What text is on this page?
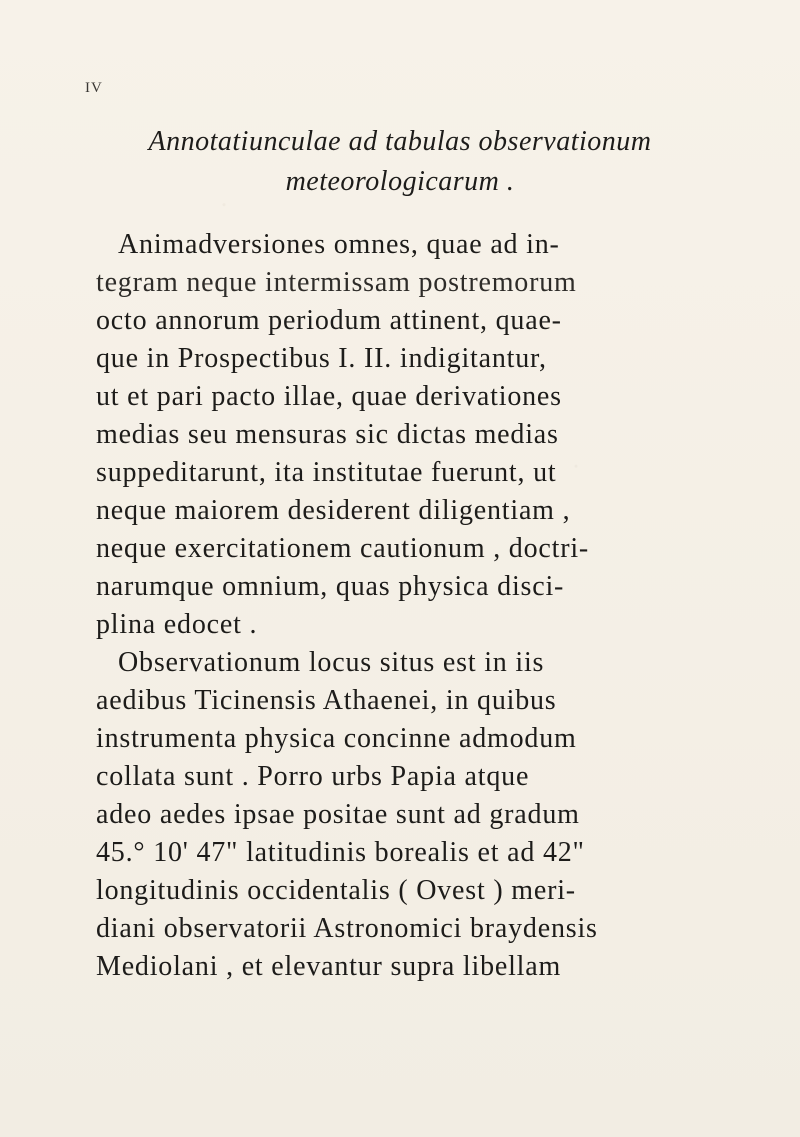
IV
Annotatiunculae ad tabulas observationum
meteorologicarum .
Animadversiones omnes, quae ad in-
tegram neque intermissam postremorum
octo annorum periodum attinent, quae-
que in Prospectibus I. II. indigitantur,
ut et pari pacto illae, quae derivationes
medias seu mensuras sic dictas medias
suppeditarunt, ita institutae fuerunt, ut
neque maiorem desiderent diligentiam ,
neque exercitationem cautionum , doctri-
narumque omnium, quas physica disci-
plina edocet .
Observationum locus situs est in iis
aedibus Ticinensis Athaenei, in quibus
instrumenta physica concinne admodum
collata sunt . Porro urbs Papia atque
adeo aedes ipsae positae sunt ad gradum
45.° 10' 47" latitudinis borealis et ad 42"
longitudinis occidentalis ( Ovest ) meri-
diani observatorii Astronomici braydensis
Mediolani , et elevantur supra libellam
